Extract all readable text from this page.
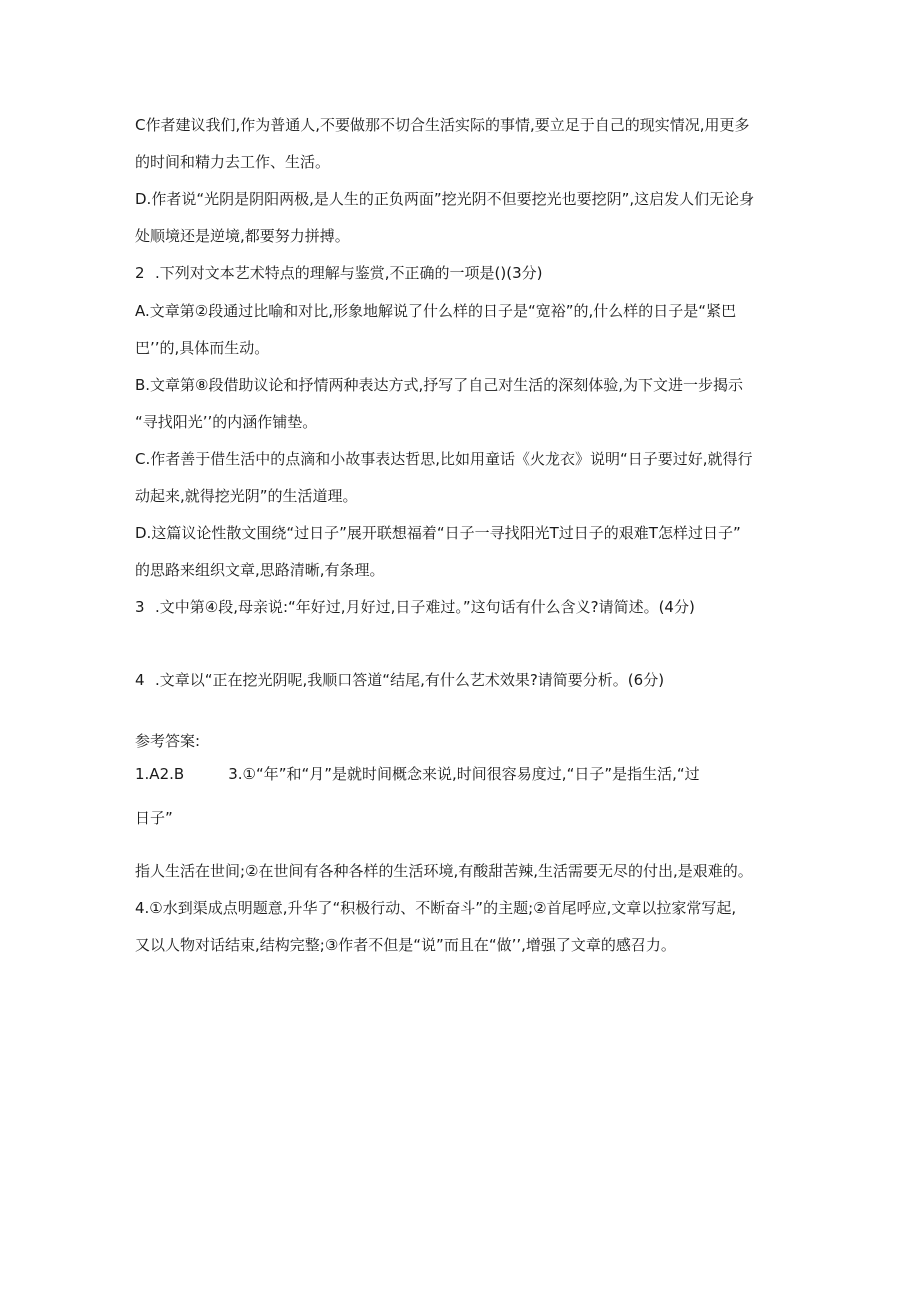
C作者建议我们,作为普通人,不要做那不切合生活实际的事情,要立足于自己的现实情况,用更多
的时间和精力去工作、生活。
D.作者说“光阴是阴阳两极,是人生的正负两面”挖光阴不但要挖光也要挖阴”,这启发人们无论身
处顺境还是逆境,都要努力拼搏。
2 .下列对文本艺术特点的理解与鉴赏,不正确的一项是()(3分)
A.文章第②段通过比喻和对比,形象地解说了什么样的日子是“宽裕”的,什么样的日子是“紧巴
巴’’的,具体而生动。
B.文章第⑧段借助议论和抒情两种表达方式,抒写了自己对生活的深刻体验,为下文进一步揭示
“寻找阳光’’的内涵作铺垫。
C.作者善于借生活中的点滴和小故事表达哲思,比如用童话《火龙衣》说明“日子要过好,就得行
动起来,就得挖光阴”的生活道理。
D.这篇议论性散文围绕“过日子”展开联想福着“日子一寻找阳光T过日子的艰难T怎样过日子”
的思路来组织文章,思路清晰,有条理。
3 .文中第④段,母亲说:“年好过,月好过,日子难过。”这句话有什么含义?请简述。(4分)
4 .文章以“正在挖光阴呢,我顺口答道“结尾,有什么艺术效果?请简要分析。(6分)
参考答案:
1.A2.B	3.①“年”和“月”是就时间概念来说,时间很容易度过,“日子”是指生活,“过
日子”
指人生活在世间;②在世间有各种各样的生活环境,有酸甜苦辣,生活需要无尽的付出,是艰难的。
4.①水到渠成点明题意,升华了“积极行动、不断奋斗”的主题;②首尾呼应,文章以拉家常写起,
又以人物对话结束,结构完整;③作者不但是“说”而且在“做’’,增强了文章的感召力。
